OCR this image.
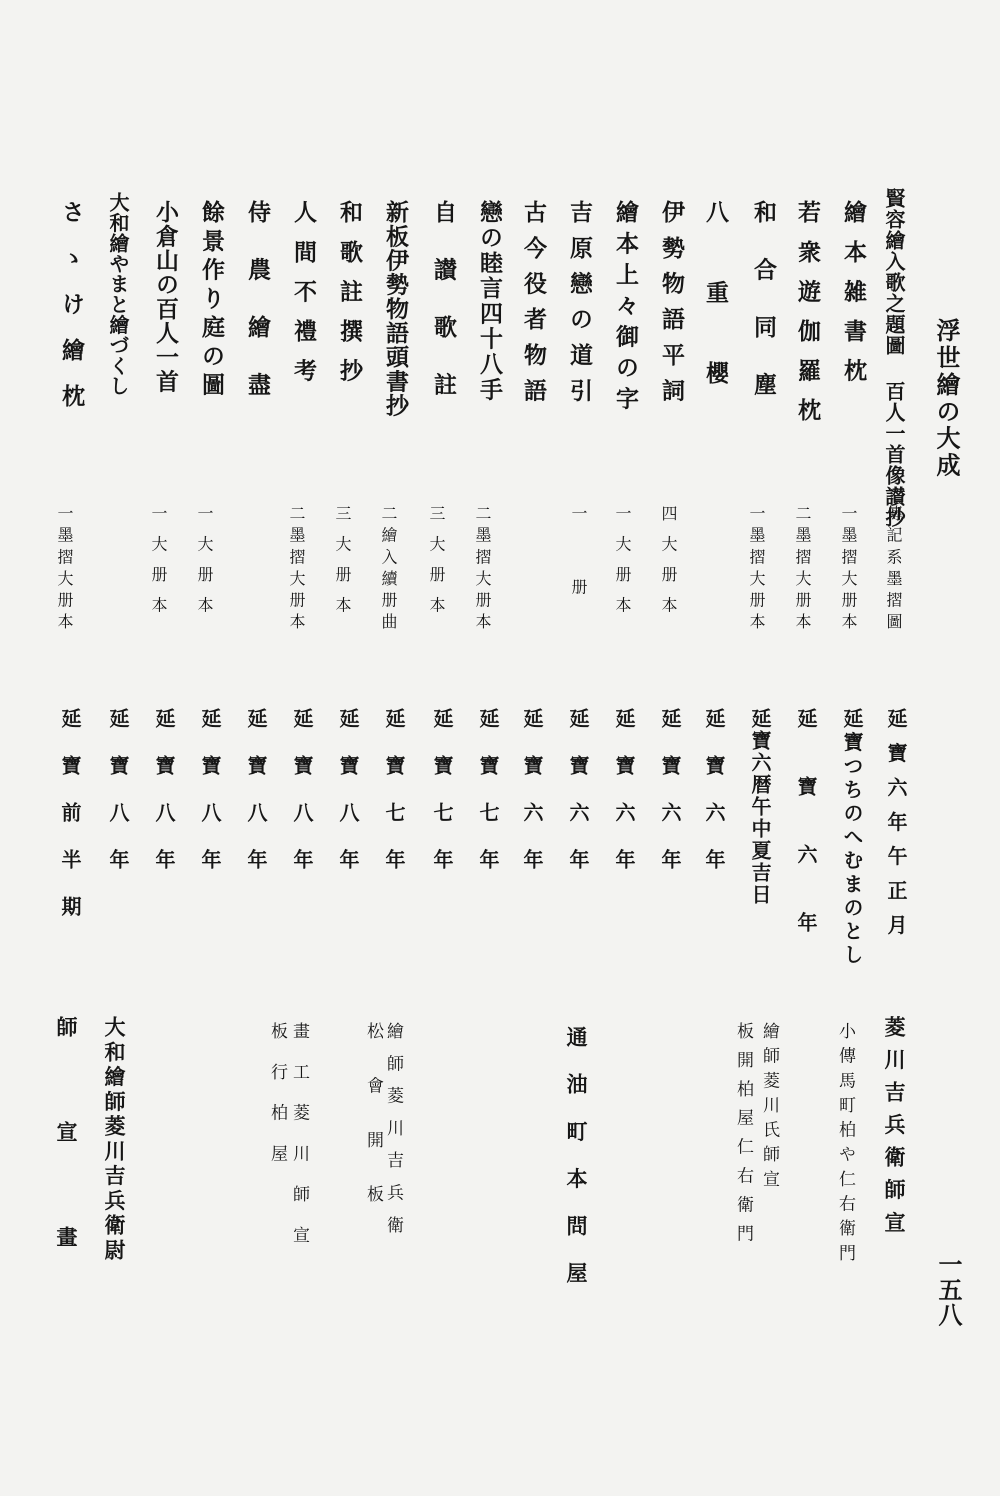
浮世繪の大成
一五八
賢容繪入歌之題圖 百人一首像讃抄
傳記系墨摺圖
延寶六年午正月
菱川吉兵衛師宣
小傳馬町柏や仁右衛門
繪本雑書枕
一墨摺大册本
延寶つちのへむまのとし
繪師菱川氏師宣
若衆遊伽羅枕
二墨摺大册本
延寶六年
和合同塵
一墨摺大册本
延寶六暦午中夏吉日
板開柏屋仁右衛門
八重櫻
延寶六年
伊勢物語平詞
四大册本
延寶六年
繪本上々御の字
一大册本
延寶六年
吉原戀の道引
一册
延寶六年
通油町本問屋
古今役者物語
延寶六年
戀の睦言四十八手
二墨摺大册本
延寶七年
自讃歌註
三大册本
延寶七年
新板伊勢物語頭書抄
二繪入續册曲
延寶七年
繪師菱川吉兵衛
松會開板
和歌註撰抄
三大册本
延寶八年
人間不禮考
二墨摺大册本
延寶八年
畫工菱川師宣
板行柏屋
侍農繪盡
延寶八年
餘景作り庭の圖
一大册本
延寶八年
小倉山の百人一首
一大册本
延寶八年
大和繪やまと繪づくし
延寶八年
大和繪師菱川吉兵衛尉
さゝけ繪枕
一墨摺大册本
延寶前半期
師宣畫
